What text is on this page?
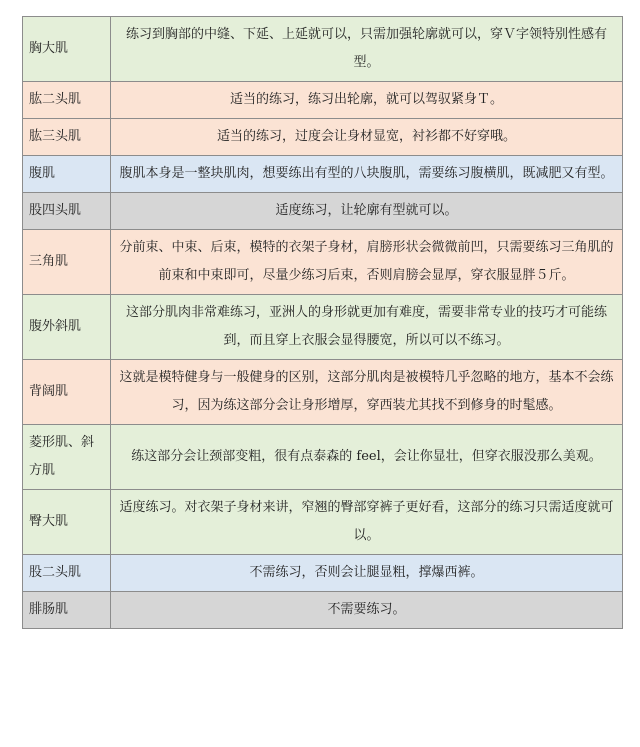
胸大肌	练习到胸部的中缝、下延、上延就可以，只需加强轮廓就可以，穿Ｖ字领特别性感有型。
肱二头肌	适当的练习，练习出轮廓，就可以驾驭紧身Ｔ。
肱三头肌	适当的练习，过度会让身材显宽，衬衫都不好穿哦。
腹肌	腹肌本身是一整块肌肉，想要练出有型的八块腹肌，需要练习腹横肌，既减肥又有型。
股四头肌	适度练习，让轮廓有型就可以。
三角肌	分前束、中束、后束，模特的衣架子身材，肩膀形状会微微前凹，只需要练习三角肌的前束和中束即可，尽量少练习后束，否则肩膀会显厚，穿衣服显胖５斤。
腹外斜肌	这部分肌肉非常难练习，亚洲人的身形就更加有难度，需要非常专业的技巧才可能练到，而且穿上衣服会显得腰宽，所以可以不练习。
背阔肌	这就是模特健身与一般健身的区别，这部分肌肉是被模特几乎忽略的地方，基本不会练习，因为练这部分会让身形增厚，穿西装尤其找不到修身的时髦感。
菱形肌、斜方肌	练这部分会让颈部变粗，很有点泰森的 feel，会让你显壮，但穿衣服没那么美观。
臀大肌	适度练习。对衣架子身材来讲，窄翘的臀部穿裤子更好看，这部分的练习只需适度就可以。
股二头肌	不需练习，否则会让腿显粗，撑爆西裤。
腓肠肌	不需要练习。
